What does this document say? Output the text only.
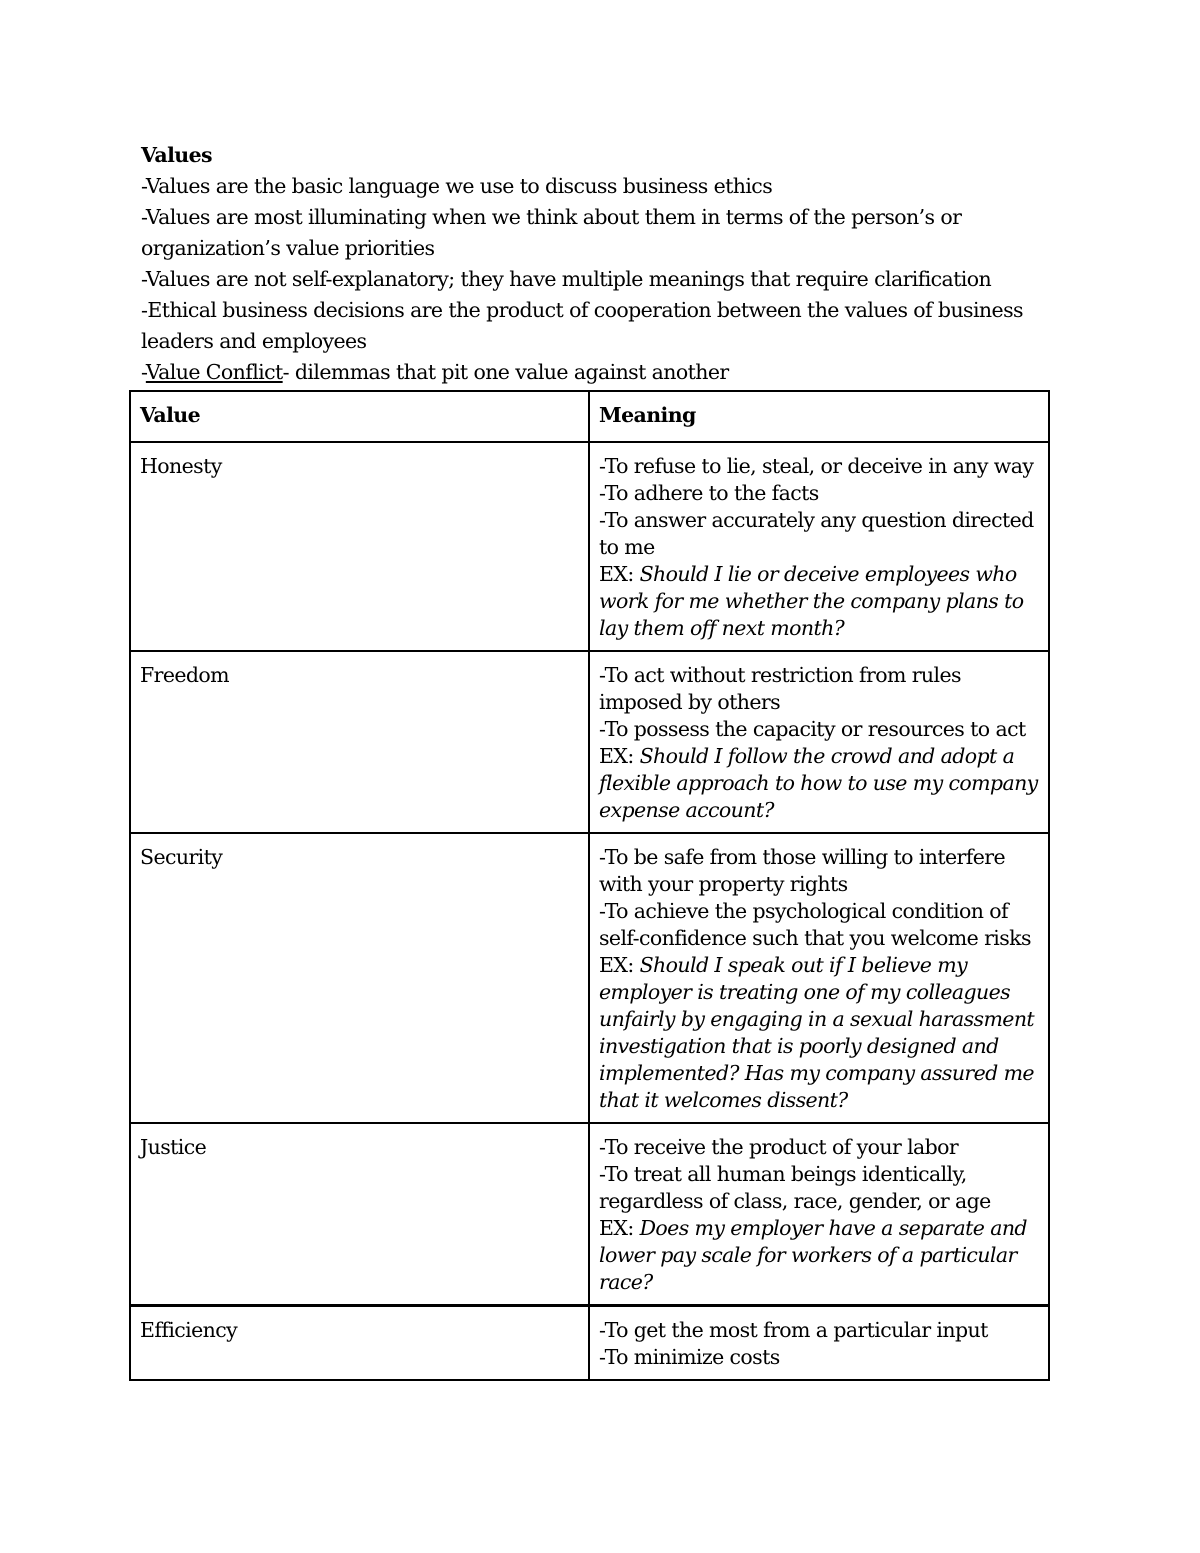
Values

-Values are the basic language we use to discuss business ethics

-Values are most illuminating when we think about them in terms of the person’s or organization’s value priorities

-Values are not self-explanatory; they have multiple meanings that require clarification

-Ethical business decisions are the product of cooperation between the values of business leaders and employees

-Value Conflict- dilemmas that pit one value against another

Value	Meaning
Honesty	-To refuse to lie, steal, or deceive in any way
-To adhere to the facts
-To answer accurately any question directed to me
EX: Should I lie or deceive employees who work for me whether the company plans to lay them off next month?

Freedom	-To act without restriction from rules imposed by others
-To possess the capacity or resources to act
EX: Should I follow the crowd and adopt a flexible approach to how to use my company expense account?

Security	-To be safe from those willing to interfere with your property rights
-To achieve the psychological condition of self-confidence such that you welcome risks
EX: Should I speak out if I believe my employer is treating one of my colleagues unfairly by engaging in a sexual harassment investigation that is poorly designed and implemented? Has my company assured me that it welcomes dissent?

Justice	-To receive the product of your labor
-To treat all human beings identically, regardless of class, race, gender, or age
EX: Does my employer have a separate and lower pay scale for workers of a particular race?

Efficiency	-To get the most from a particular input
-To minimize costs
